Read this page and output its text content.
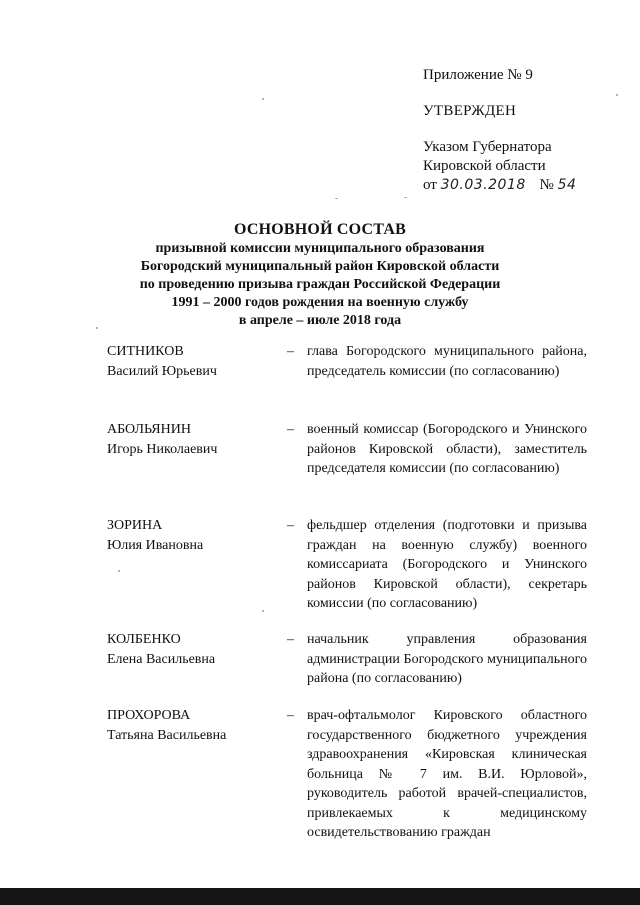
Приложение № 9
УТВЕРЖДЕН
Указом Губернатора
Кировской области
от 30.03.2018 № 54
ОСНОВНОЙ СОСТАВ
призывной комиссии муниципального образования
Богородский муниципальный район Кировской области
по проведению призыва граждан Российской Федерации
1991 – 2000 годов рождения на военную службу
в апреле – июле 2018 года
СИТНИКОВ
Василий Юрьевич
– глава Богородского муниципального района, председатель комиссии (по согласованию)
АБОЛЬЯНИН
Игорь Николаевич
– военный комиссар (Богородского и Унинского районов Кировской области), заместитель председателя комиссии (по согласованию)
ЗОРИНА
Юлия Ивановна
– фельдшер отделения (подготовки и призыва граждан на военную службу) военного комиссариата (Богородского и Унинского районов Кировской области), секретарь комиссии (по согласованию)
КОЛБЕНКО
Елена Васильевна
– начальник управления образования администрации Богородского муниципального района (по согласованию)
ПРОХОРОВА
Татьяна Васильевна
– врач-офтальмолог Кировского областного государственного бюджетного учреждения здравоохранения «Кировская клиническая больница № 7 им. В.И. Юрловой», руководитель работой врачей-специалистов, привлекаемых к медицинскому освидетельствованию граждан
